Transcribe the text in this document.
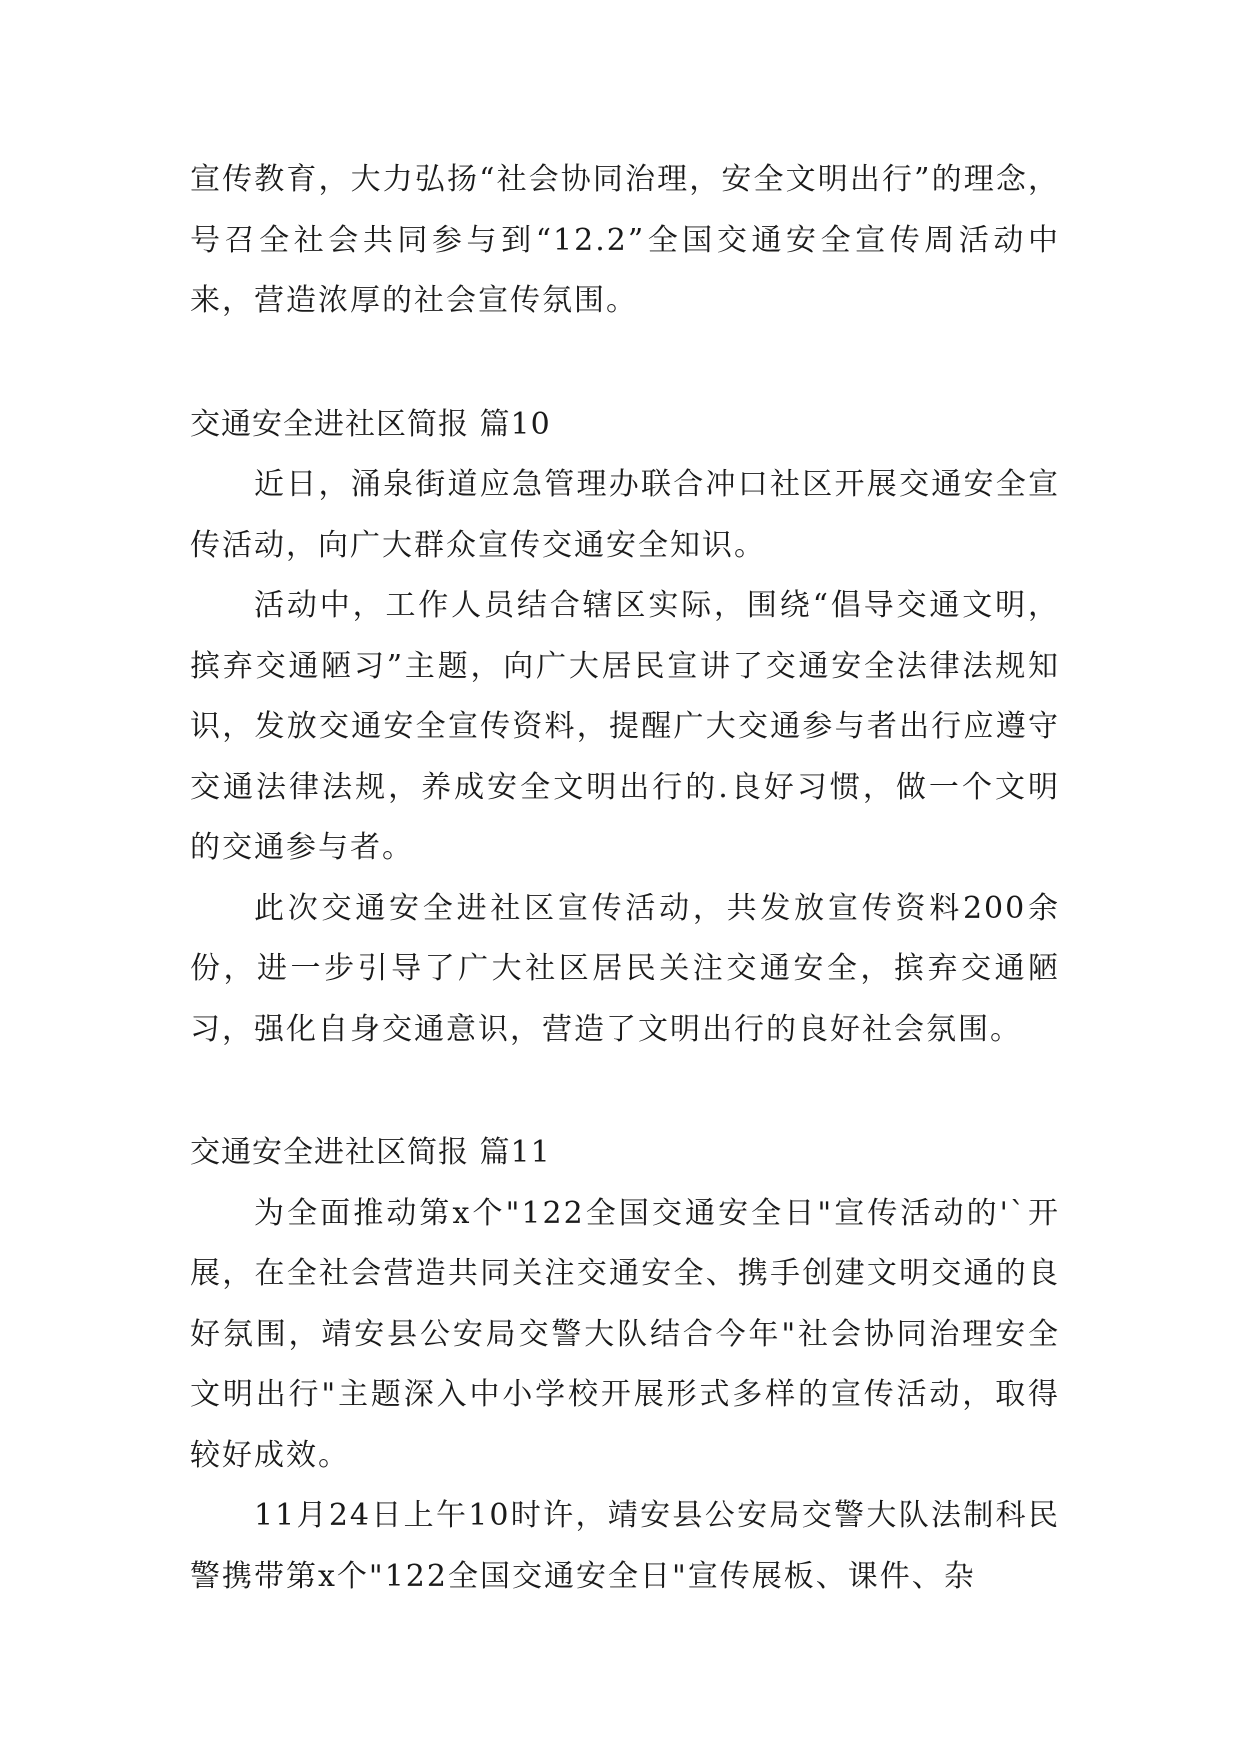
宣传教育，大力弘扬“社会协同治理，安全文明出行”的理念，号召全社会共同参与到“12.2”全国交通安全宣传周活动中来，营造浓厚的社会宣传氛围。

交通安全进社区简报 篇10

近日，涌泉街道应急管理办联合冲口社区开展交通安全宣传活动，向广大群众宣传交通安全知识。

活动中，工作人员结合辖区实际，围绕“倡导交通文明，摈弃交通陋习”主题，向广大居民宣讲了交通安全法律法规知识，发放交通安全宣传资料，提醒广大交通参与者出行应遵守交通法律法规，养成安全文明出行的.良好习惯，做一个文明的交通参与者。

此次交通安全进社区宣传活动，共发放宣传资料200余份，进一步引导了广大社区居民关注交通安全，摈弃交通陋习，强化自身交通意识，营造了文明出行的良好社会氛围。

交通安全进社区简报 篇11

为全面推动第x个"122全国交通安全日"宣传活动的'`开展，在全社会营造共同关注交通安全、携手创建文明交通的良好氛围，靖安县公安局交警大队结合今年"社会协同治理安全文明出行"主题深入中小学校开展形式多样的宣传活动，取得较好成效。

11月24日上午10时许，靖安县公安局交警大队法制科民警携带第x个"122全国交通安全日"宣传展板、课件、杂
